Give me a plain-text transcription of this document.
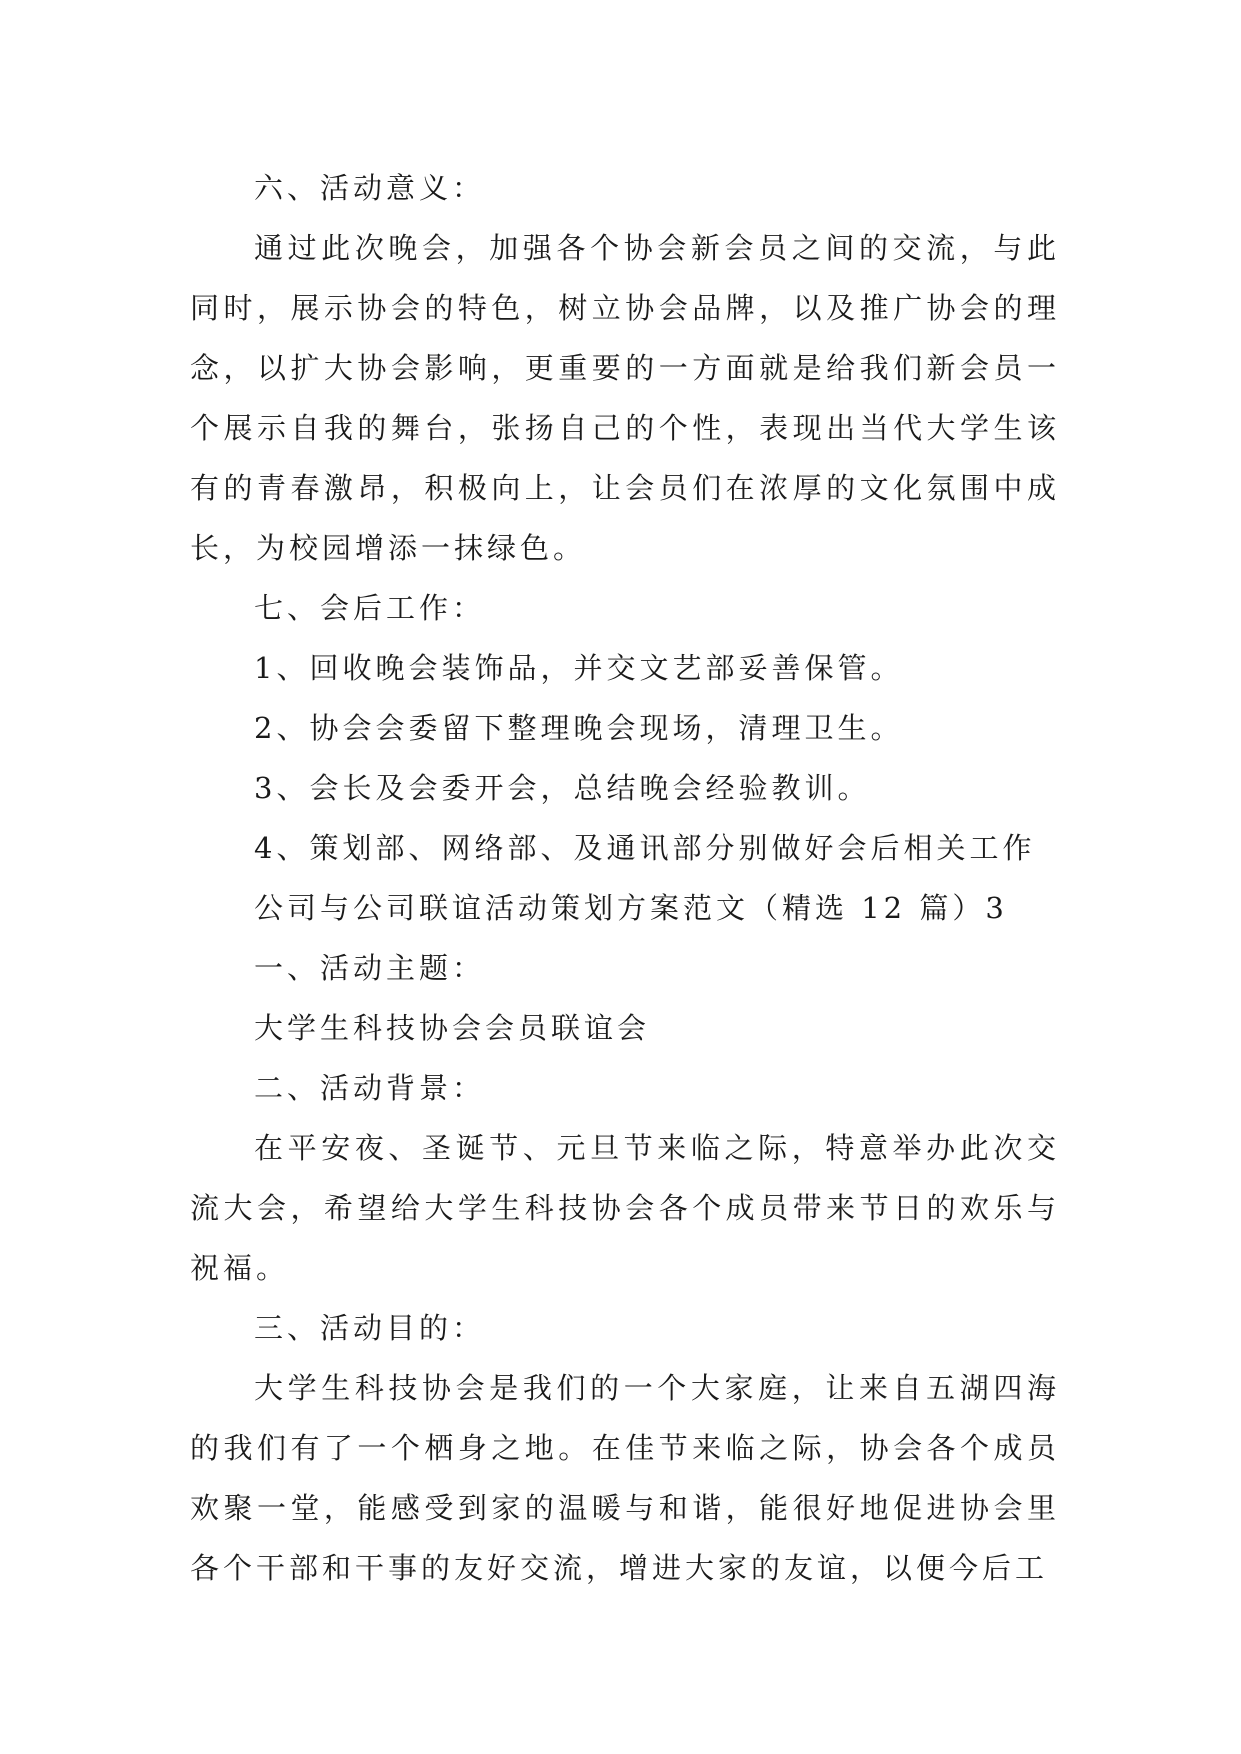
六、活动意义：

通过此次晚会，加强各个协会新会员之间的交流，与此同时，展示协会的特色，树立协会品牌，以及推广协会的理念，以扩大协会影响，更重要的一方面就是给我们新会员一个展示自我的舞台，张扬自己的个性，表现出当代大学生该有的青春激昂，积极向上，让会员们在浓厚的文化氛围中成长，为校园增添一抹绿色。

七、会后工作：

1、回收晚会装饰品，并交文艺部妥善保管。

2、协会会委留下整理晚会现场，清理卫生。

3、会长及会委开会，总结晚会经验教训。

4、策划部、网络部、及通讯部分别做好会后相关工作

公司与公司联谊活动策划方案范文（精选 12 篇）3

一、活动主题：

大学生科技协会会员联谊会

二、活动背景：

在平安夜、圣诞节、元旦节来临之际，特意举办此次交流大会，希望给大学生科技协会各个成员带来节日的欢乐与祝福。

三、活动目的：

大学生科技协会是我们的一个大家庭，让来自五湖四海的我们有了一个栖身之地。在佳节来临之际，协会各个成员欢聚一堂，能感受到家的温暖与和谐，能很好地促进协会里各个干部和干事的友好交流，增进大家的友谊，以便今后工
